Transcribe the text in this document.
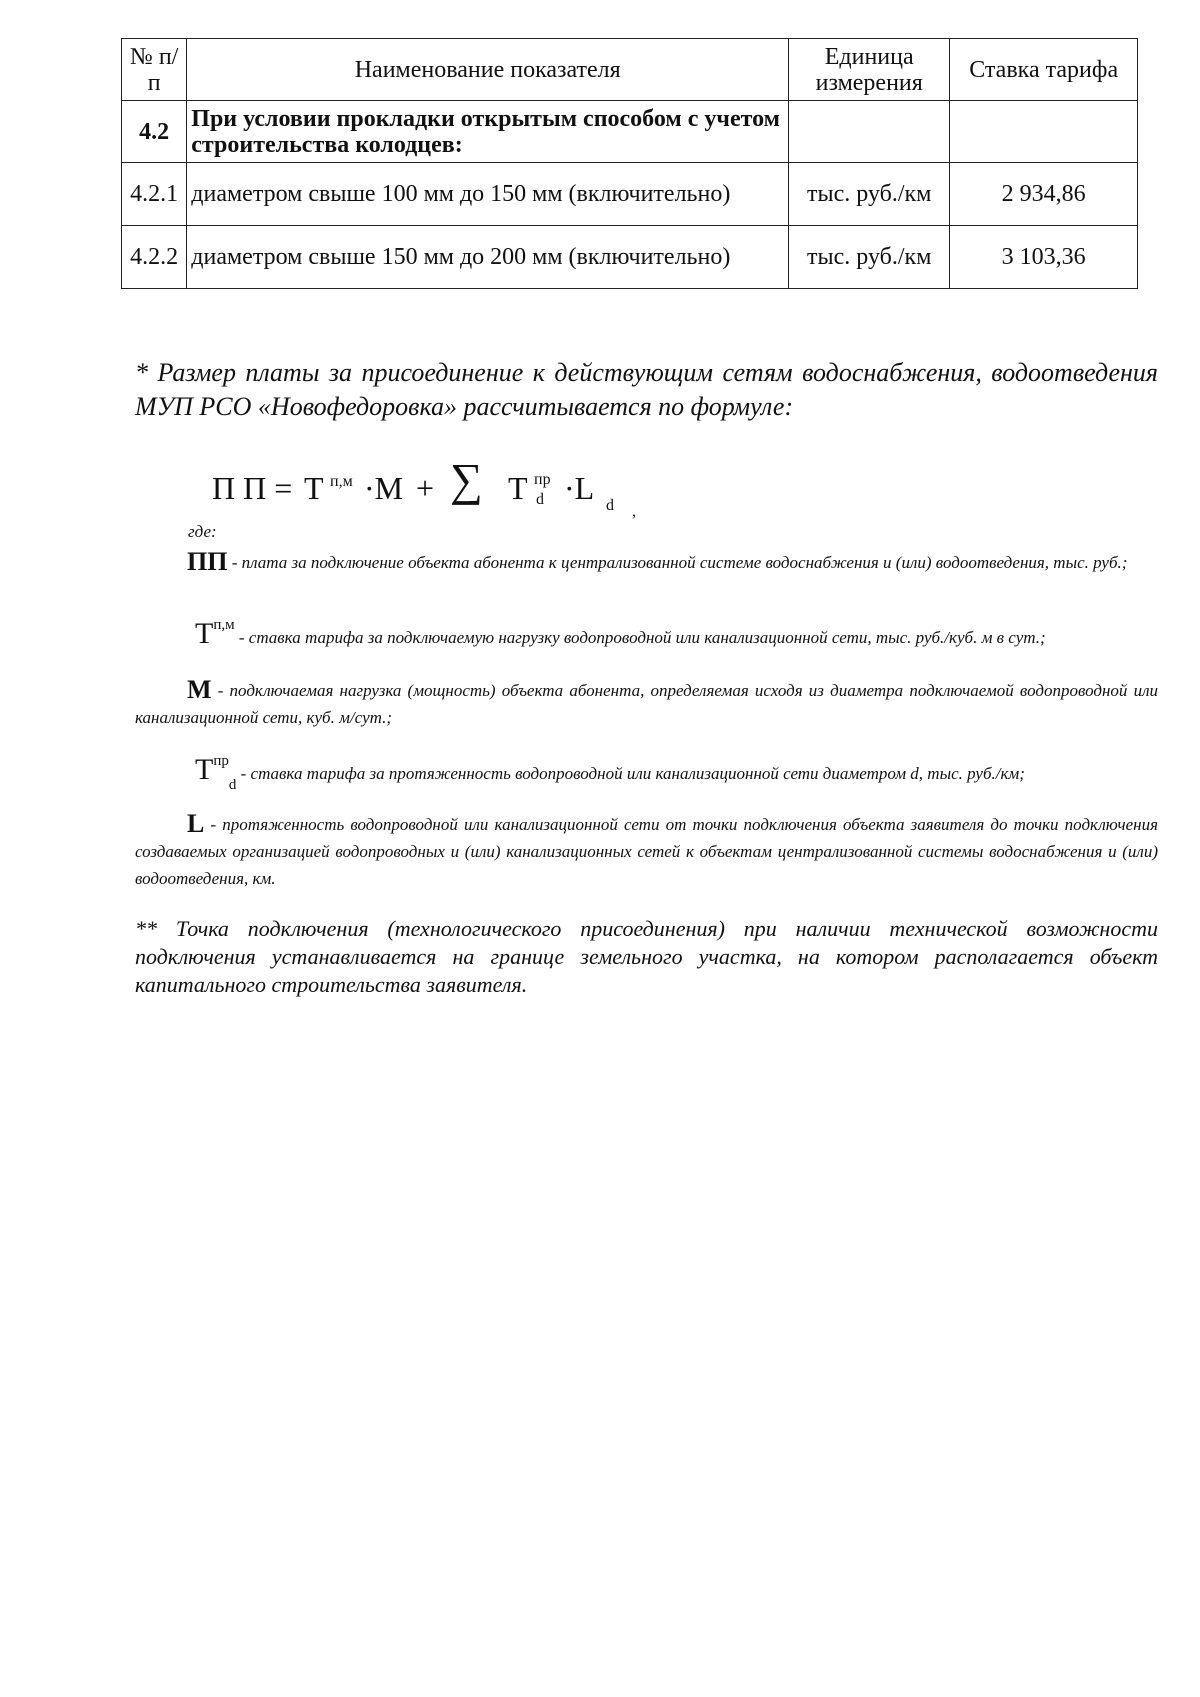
№ п/п	Наименование показателя	Единица измерения	Ставка тарифа
4.2	При условии прокладки открытым способом с учетом строительства колодцев:		
4.2.1	диаметром свыше 100 мм до 150 мм (включительно)	тыс. руб./км	2 934,86
4.2.2	диаметром свыше 150 мм до 200 мм (включительно)	тыс. руб./км	3 103,36

* Размер платы за присоединение к действующим сетям водоснабжения, водоотведения МУП РСО «Новофедоровка» рассчитывается по формуле:

П П = Т п,м ·М + ∑ Т пр
d ·L d ,
где:

ПП - плата за подключение объекта абонента к централизованной системе водоснабжения и (или) водоотведения, тыс. руб.;

Тп,м - ставка тарифа за подключаемую нагрузку водопроводной или канализационной сети, тыс. руб./куб. м в сут.;

М - подключаемая нагрузка (мощность) объекта абонента, определяемая исходя из диаметра подключаемой водопроводной или канализационной сети, куб. м/сут.;

Тпрd - ставка тарифа за протяженность водопроводной или канализационной сети диаметром d, тыс. руб./км;

L - протяженность водопроводной или канализационной сети от точки подключения объекта заявителя до точки подключения создаваемых организацией водопроводных и (или) канализационных сетей к объектам централизованной системы водоснабжения и (или) водоотведения, км.

** Точка подключения (технологического присоединения) при наличии технической возможности подключения устанавливается на границе земельного участка, на котором располагается объект капитального строительства заявителя.
